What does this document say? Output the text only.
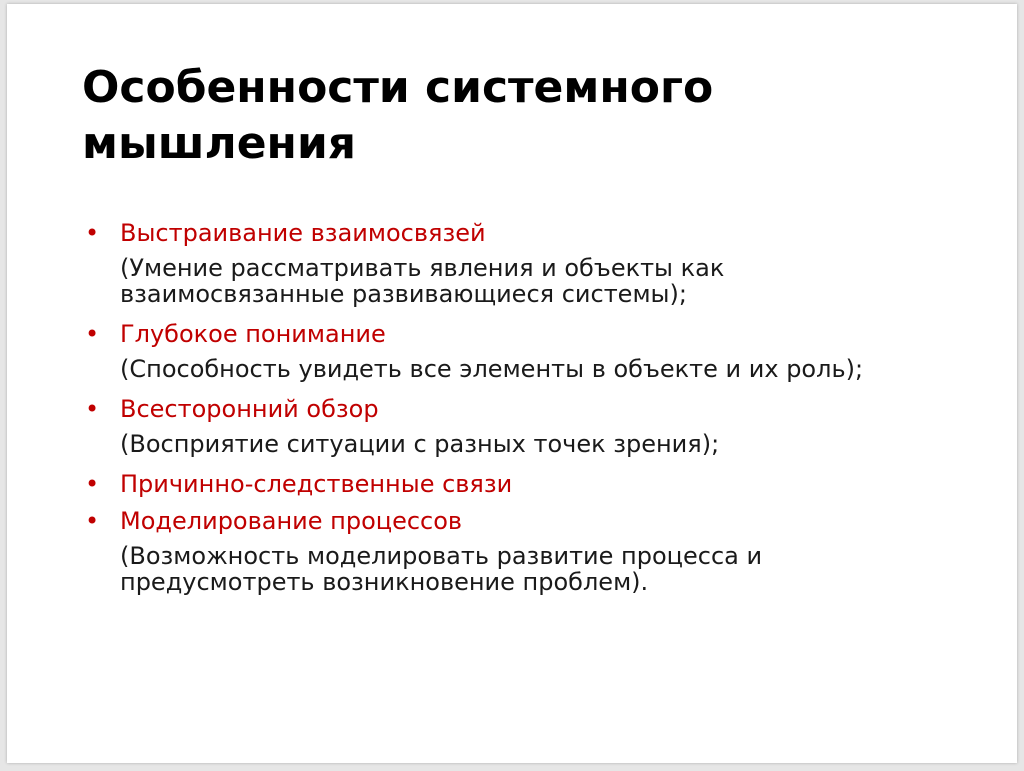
Особенности системного
мышления
• Выстраивание взаимосвязей
(Умение рассматривать явления и объекты как
взаимосвязанные развивающиеся системы);
• Глубокое понимание
(Способность увидеть все элементы в объекте и их роль);
• Всесторонний обзор
(Восприятие ситуации с разных точек зрения);
• Причинно-следственные связи
• Моделирование процессов
(Возможность моделировать развитие процесса и
предусмотреть возникновение проблем).
